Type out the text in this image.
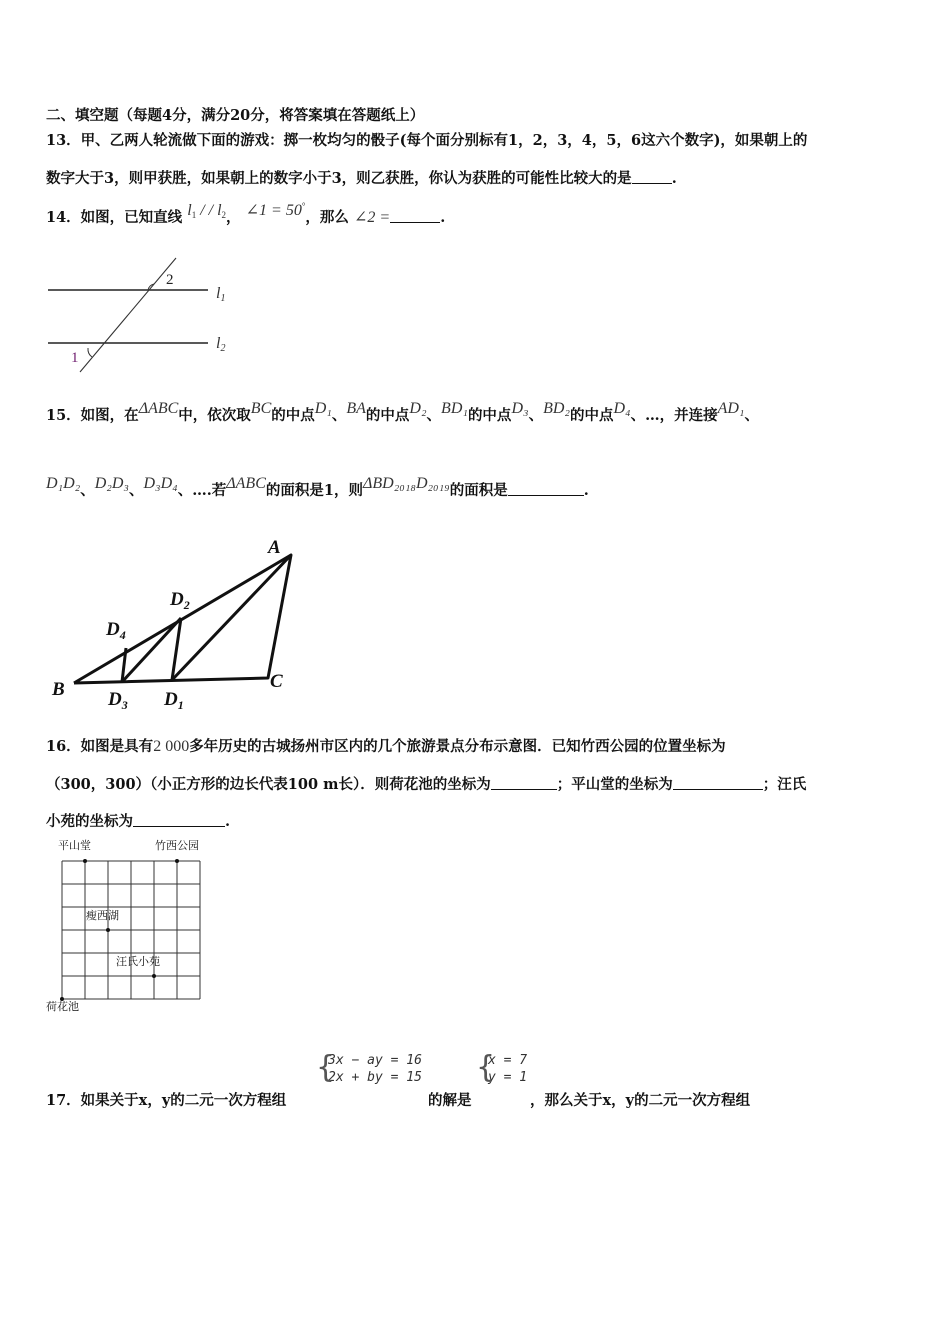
二、填空题（每题4分，满分20分，将答案填在答题纸上）
13．甲、乙两人轮流做下面的游戏：掷一枚均匀的骰子(每个面分别标有1，2，3，4，5，6这六个数字)，如果朝上的
数字大于3，则甲获胜，如果朝上的数字小于3，则乙获胜，你认为获胜的可能性比较大的是	.
14．如图，已知直线 $l_1$ / / $l_2$， ∠1 = 50°，那么 ∠2 =	.
2
1
l1
l2
15．如图，在ΔABC中，依次取BC的中点D₁、BA的中点D₂、BD₁的中点D₃、BD₂的中点D₄、…，并连接AD₁、
D₁D₂、D₂D₃、D₃D₄、….若ΔABC的面积是1，则ΔBD₂₀₁₈D₂₀₁₉的面积是	.
A
B	C
$D_1$
$D_2$
$D_3$
$D_4$
16．如图是具有2 000多年历史的古城扬州市区内的几个旅游景点分布示意图．已知竹西公园的位置坐标为
（300，300）（小正方形的边长代表100 m长）．则荷花池的坐标为	；平山堂的坐标为	；汪氏
小苑的坐标为	.
平山堂	竹西公园
瘦西湖
汪氏小苑
荷花池
{
3x − ay = 16
2x + by = 15 {
x = 7
y = 1
17．如果关于x，y的二元一次方程组	的解是	，那么关于x，y的二元一次方程组
